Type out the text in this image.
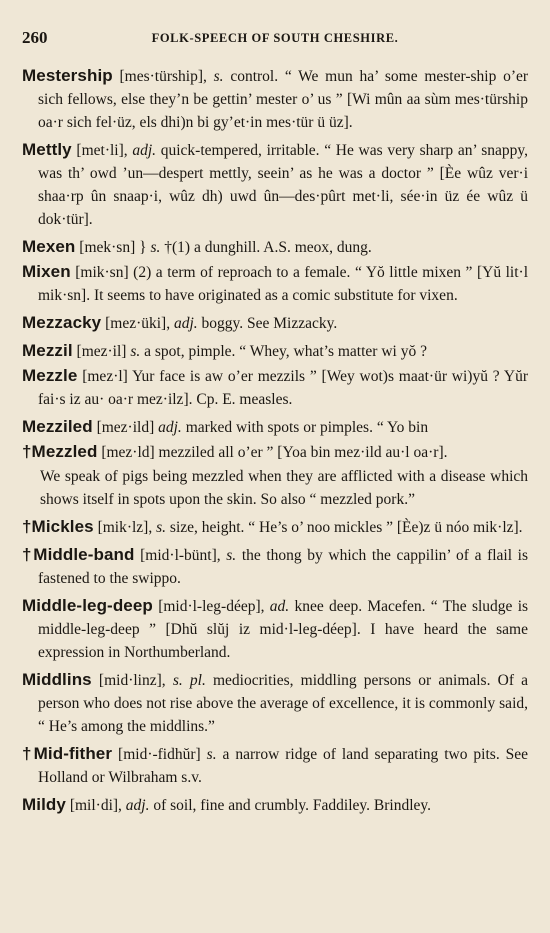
260	FOLK-SPEECH OF SOUTH CHESHIRE.

Mestership [mes·türship], s. control. “ We mun ha’ some mester-ship o’er sich fellows, else they’n be gettin’ mester o’ us ” [Wi mûn aa sùm mes·türship oa·r sich fel·üz, els dhi)n bi gy’et·in mes·tür ü üz].

Mettly [met·li], adj. quick-tempered, irritable. “ He was very sharp an’ snappy, was th’ owd ’un—despert mettly, seein’ as he was a doctor ” [Èe wûz ver·i shaa·rp ûn snaap·i, wûz dh) uwd ûn—des·pûrt met·li, sée·in üz ée wûz ü dok·tür].

Mexen [mek·sn] } s. †(1) a dunghill. A.S. meox, dung.

Mixen [mik·sn] (2) a term of reproach to a female. “ Yŏ little mixen ” [Yŭ lit·l mik·sn]. It seems to have originated as a comic substitute for vixen.

Mezzacky [mez·üki], adj. boggy. See Mizzacky.

Mezzil [mez·il] s. a spot, pimple. “ Whey, what’s matter wi yŏ ?

Mezzle [mez·l] Yur face is aw o’er mezzils ” [Wey wot)s maat·ür wi)yŭ ? Yŭr fai·s iz au· oa·r mez·ilz]. Cp. E. measles.

Mezziled [mez·ild] adj. marked with spots or pimples. “ Yo bin

†Mezzled [mez·ld] mezziled all o’er ” [Yoa bin mez·ild au·l oa·r].

We speak of pigs being mezzled when they are afflicted with a disease which shows itself in spots upon the skin. So also “ mezzled pork.”

†Mickles [mik·lz], s. size, height. “ He’s o’ noo mickles ” [Èe)z ü nóo mik·lz].

†Middle-band [mid·l-bünt], s. the thong by which the cappilin’ of a flail is fastened to the swippo.

Middle-leg-deep [mid·l-leg-déep], ad. knee deep. Macefen. “ The sludge is middle-leg-deep ” [Dhŭ slŭj iz mid·l-leg-déep]. I have heard the same expression in Northumberland.

Middlins [mid·linz], s. pl. mediocrities, middling persons or animals. Of a person who does not rise above the average of excellence, it is commonly said, “ He’s among the middlins.”

†Mid-fither [mid·-fidhŭr] s. a narrow ridge of land separating two pits. See Holland or Wilbraham s.v.

Mildy [mil·di], adj. of soil, fine and crumbly. Faddiley. Brindley.
